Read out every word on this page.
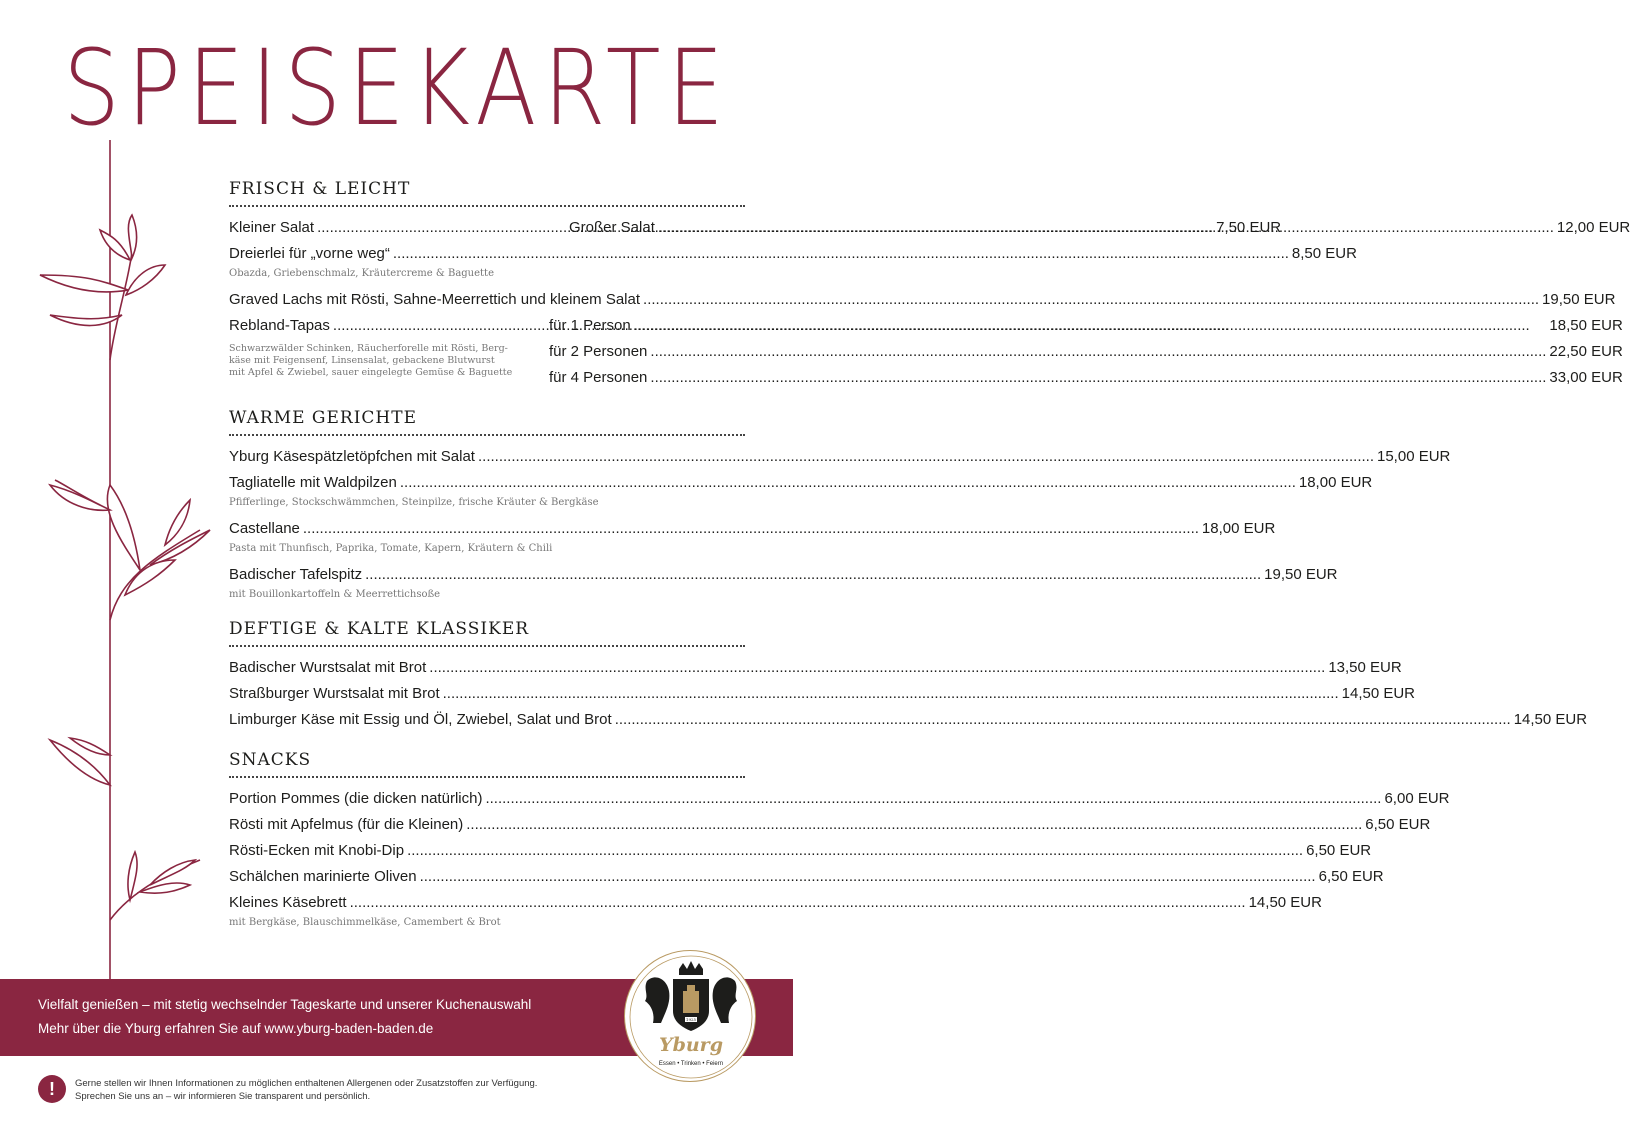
SPEISEKARTE
FRISCH & LEICHT
Kleiner Salat .....	7,50 EUR
Großer Salat .....	12,00 EUR
Dreierlei für „vorne weg“ .....	8,50 EUR
Obazda, Griebenschmalz, Kräutercreme & Baguette
Graved Lachs mit Rösti, Sahne-Meerrettich und kleinem Salat .....	19,50 EUR
Rebland-Tapas
.....
Schwarzwälder Schinken, Räucherforelle mit Rösti, Berg-
käse mit Feigensenf, Linsensalat, gebackene Blutwurst
mit Apfel & Zwiebel, sauer eingelegte Gemüse & Baguette
für 1 Person .....	18,50 EUR
für 2 Personen .....	22,50 EUR
für 4 Personen .....	33,00 EUR
WARME GERICHTE
Yburg Käsespätzletöpfchen mit Salat .....	15,00 EUR
Tagliatelle mit Waldpilzen .....	18,00 EUR
Pfifferlinge, Stockschwämmchen, Steinpilze, frische Kräuter & Bergkäse
Castellane .....	18,00 EUR
Pasta mit Thunfisch, Paprika, Tomate, Kapern, Kräutern & Chili
Badischer Tafelspitz .....	19,50 EUR
mit Bouillonkartoffeln & Meerrettichsoße
DEFTIGE & KALTE KLASSIKER
Badischer Wurstsalat mit Brot .....	13,50 EUR
Straßburger Wurstsalat mit Brot .....	14,50 EUR
Limburger Käse mit Essig und Öl, Zwiebel, Salat und Brot .....	14,50 EUR
SNACKS
Portion Pommes (die dicken natürlich) .....	6,00 EUR
Rösti mit Apfelmus (für die Kleinen) .....	6,50 EUR
Rösti-Ecken mit Knobi-Dip .....	6,50 EUR
Schälchen marinierte Oliven .....	6,50 EUR
Kleines Käsebrett .....	14,50 EUR
mit Bergkäse, Blauschimmelkäse, Camembert & Brot
Vielfalt genießen – mit stetig wechselnder Tageskarte und unserer Kuchenauswahl
Mehr über die Yburg erfahren Sie auf www.yburg-baden-baden.de
1925
Yburg
Essen • Trinken • Feiern
!	Gerne stellen wir Ihnen Informationen zu möglichen enthaltenen Allergenen oder Zusatzstoffen zur Verfügung.
Sprechen Sie uns an – wir informieren Sie transparent und persönlich.
